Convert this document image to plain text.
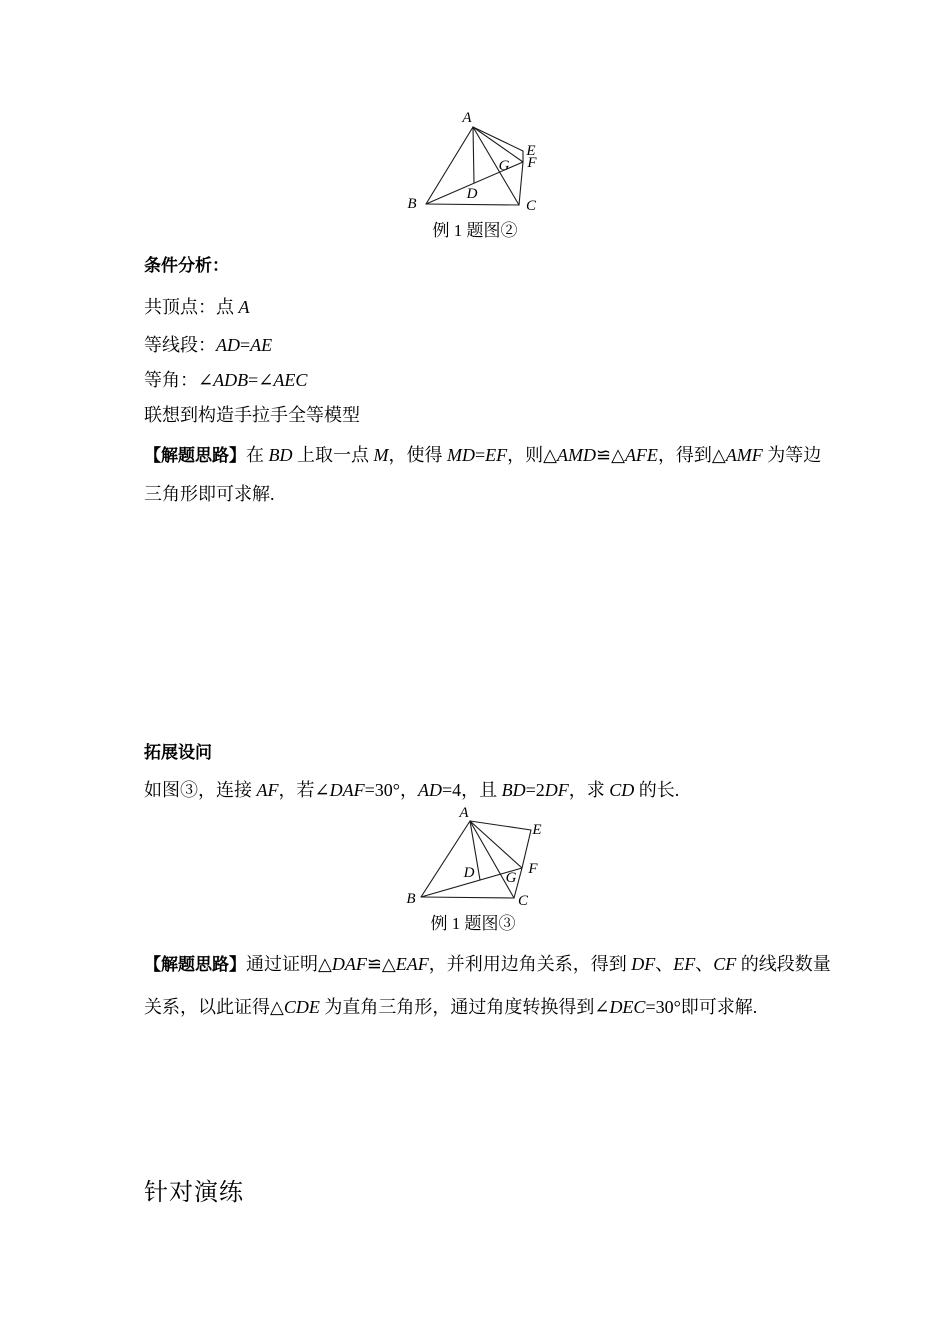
A
B	C
D
E
F
G
例 1 题图②
条件分析：
共顶点：点 A
等线段：AD=AE
等角：∠ADB=∠AEC
联想到构造手拉手全等模型
【解题思路】在 BD 上取一点 M，使得 MD=EF，则△AMD≌△AFE，得到△AMF 为等边
三角形即可求解.
拓展设问
如图③，连接 AF，若∠DAF=30°，AD=4，且 BD=2DF，求 CD 的长.
A
B	C
D
E
F
G
例 1 题图③
【解题思路】通过证明△DAF≌△EAF，并利用边角关系，得到 DF、EF、CF 的线段数量
关系，以此证得△CDE 为直角三角形，通过角度转换得到∠DEC=30°即可求解.
针对演练
